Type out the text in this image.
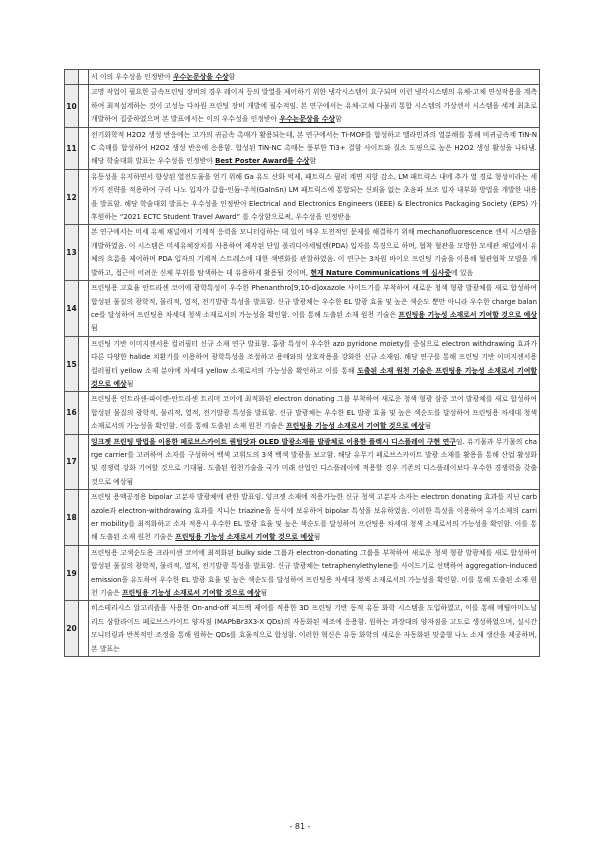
		서 이의 우수성을 인정받아 우수논문상을 수상함
10		고명 작업이 필요한 금속프린팅 장비의 경우 레이저 등의 발열을 제어하기 위한 냉각시스템이 요구되며 이런 냉각시스템의 유체-고체 연성작용을 계측하여 최적설계하는 것이 고성능 다차원 프린팅 장비 개발에 필수적임. 본 연구에서는 유체-고체 다물리 통합 시스템의 가상센서 시스템을 세계 최초로 개발하여 집중하였으며 본 발표에서는 이의 우수성을 인정받아 우수논문상을 수상함
11		전기화학적 H2O2 생성 반응에는 고가의 귀금속 촉매가 활용되는데, 본 연구에서는 Ti-MOF를 합성하고 멜라민과의 열분해를 통해 비귀금속계 TiN-NC 촉매를 합성하여 H2O2 생성 반응에 응용함. 합성된 TiN-NC 촉매는 풍부한 Ti3+ 결함 사이트와 질소 도핑으로 높은 H2O2 생성 활성을 나타냄. 해당 학술대회 발표는 우수성을 인정받아 Best Poster Award를 수상함
12		유동성을 유지하면서 향상된 열전도율을 얻기 위해 Ga 유도 산화 억제, 패트릭스 필러 계면 저항 감소, LM 패트릭스 내에 추가 열 경로 형성이라는 세 가지 전략을 적용하여 구리 나노 입자가 갈륨-인듐-주석(GaInSn) LM 패트릭스에 통합되는 신뢰울 없는 초음파 보조 입자 내부화 방법을 개발한 내용을 발표함. 해당 학술대회 발표는 우수성을 인정받아 Electrical and Electronics Engineers (IEEE) & Electronics Packaging Society (EPS) 가 후원하는 “2021 ECTC Student Travel Award” 를 수상함으로써, 우수성을 인정받음
13		본 연구에서는 미세 유체 채널에서 기계적 응력을 모니터링하는 데 있어 매우 도전적인 문제를 해결하기 위해 mechanofluorescence 센서 시스템을 개발하였음. 이 시스템은 미세유체장치를 사용하여 제작된 단일 폴리디아세틸렌(PDA) 입자를 특징으로 하며, 협착 혈관을 모방한 모세관 채널에서 유체의 흐름을 제어하며 PDA 입자의 기계적 스트레스에 대한 색변화를 관찰하였음. 이 연구는 3차원 바이오 프린팅 기술을 이용해 혈관협착 모델을 개발하고, 접근이 어려운 신체 부위를 탐색하는 데 유용하게 활용될 것이며, 현재 Nature Communications 에 심사중에 있음
14		프린팅용 고효율 안트라센 코어에 광학특성이 우수한 Phenanthro[9,10-d]oxazole 사이드기를 부착하여 새로운 청색 형광 발광체를 새로 합성하여 합성된 물질의 광학적, 물리적, 열적, 전기발광 특성을 발표함. 신규 발광체는 우수한 EL 발광 효율 및 높은 색순도 뿐만 아니라 우수한 charge balance를 달성하여 프린팅용 차세대 청색 소재로서의 가능성을 확인함. 이를 통해 도출된 소재 원천 기술은 프린팅용 기능성 소재로서 기여할 것으로 예상됨
15		프린팅 기반 이미지센서용 컬러필터 신규 소재 연구 발표함. 흡광 특성이 우수한 azo pyridone moiety를 중심으로 electron withdrawing 효과가 다른 다양한 halide 치환기를 이용하여 광학특성을 조절하고 용매와의 상호작용을 강화한 신규 소재임. 해당 연구를 통해 프린팅 기반 이미지센서용 컬러필터 yellow 소재 분야에 차세대 yellow 소재로서의 가능성을 확인하고 이를 통해 도출된 소재 원천 기술은 프린팅용 기능성 소재로서 기여할 것으로 예상됨
16		프린팅용 인트라센-파이렌-안트라센 트리머 코어에 최적화된 electron donating 그룹 부착하여 새로운 청색 형광 삼중 코어 발광체를 새로 합성하여 합성된 물질의 광학적, 물리적, 열적, 전기발광 특성을 발표함. 신규 발광체는 우수한 EL 발광 효율 및 높은 색순도를 달성하여 프린팅용 차세대 청색 소재로서의 가능성을 확인함. 이를 통해 도출된 소재 원천 기술은 프린팅용 기능성 소재로서 기여할 것으로 예상됨
17		잉크젯 프린팅 방법을 이용한 페로브스카이트 퀀텀닷과 OLED 발광소재를 발광체로 이용한 플렉시 디스플레이 구현 연구임. 유기물과 무기물의 charge carrier를 고려하여 소자를 구성하여 백색 고휘도의 3색 백색 발광을 보고함. 해당 유무기 페로브스카이트 발광 소재를 활용을 통해 산업 활성화 및 경쟁력 강화 기여할 것으로 기대됨. 도출된 원천기술을 국가 미래 산업인 디스플레이에 적용할 경우 기존의 디스플레이보다 우수한 경쟁력을 갖출 것으로 예상됨
18		프린팅 용액공정용 bipolar 고분자 발광체에 관한 발표임. 잉크젯 소재에 적용가능한 신규 청색 고분자 소자는 electron donating 효과를 지닌 carbazole과 electron-withdrawing 효과를 지니는 triazine을 동시에 보유하여 bipolar 특성을 보유하였음. 이러한 특성을 이용하여 유기소재의 carrier mobility를 최적화하고 소자 적용시 우수한 EL 발광 효율 및 높은 색순도를 달성하여 프린팅용 차세대 청색 소재로서의 가능성을 확인함. 이를 통해 도출된 소재 원천 기술은 프린팅용 기능성 소재로서 기여할 것으로 예상됨
19		프린팅용 고색순도용 크라이센 코어에 최적화된 bulky side 그룹과 electron-donating 그룹을 부착하여 새로운 청색 형광 발광체를 새로 합성하여 합성된 물질의 광학적, 물리적, 열적, 전기발광 특성을 발표함. 신규 발광체는 tetraphenylethylene를 사이드기로 선택하여 aggregation-induced emission을 유도하여 우수한 EL 발광 효율 및 높은 색순도를 달성하여 프린팅용 차세대 청색 소재로서의 가능성을 확인함. 이를 통해 도출된 소재 원천 기술은 프린팅용 기능성 소재로서 기여할 것으로 예상됨
20		히스테리시스 알고리즘을 사용한 On-and-off 피드백 제어를 적용한 3D 프린팅 기반 동적 유동 화학 시스템을 도입하였고, 이를 통해 메틸아미노닐 리드 삼할라이드 페로브스카이트 양자점 (MAPbBr3X3-X QDs)의 자동화된 제조에 응용함. 원하는 과장대의 양자점을 고도로 생성하였으며, 실시간 모니터링과 반복적인 조정을 통해 원하는 QDs를 효율적으로 합성함. 이러한 혁신은 유동 화학의 새로운 자동화된 맞춤형 나노 소재 생산을 제공하며, 본 발표는
- 81 -
